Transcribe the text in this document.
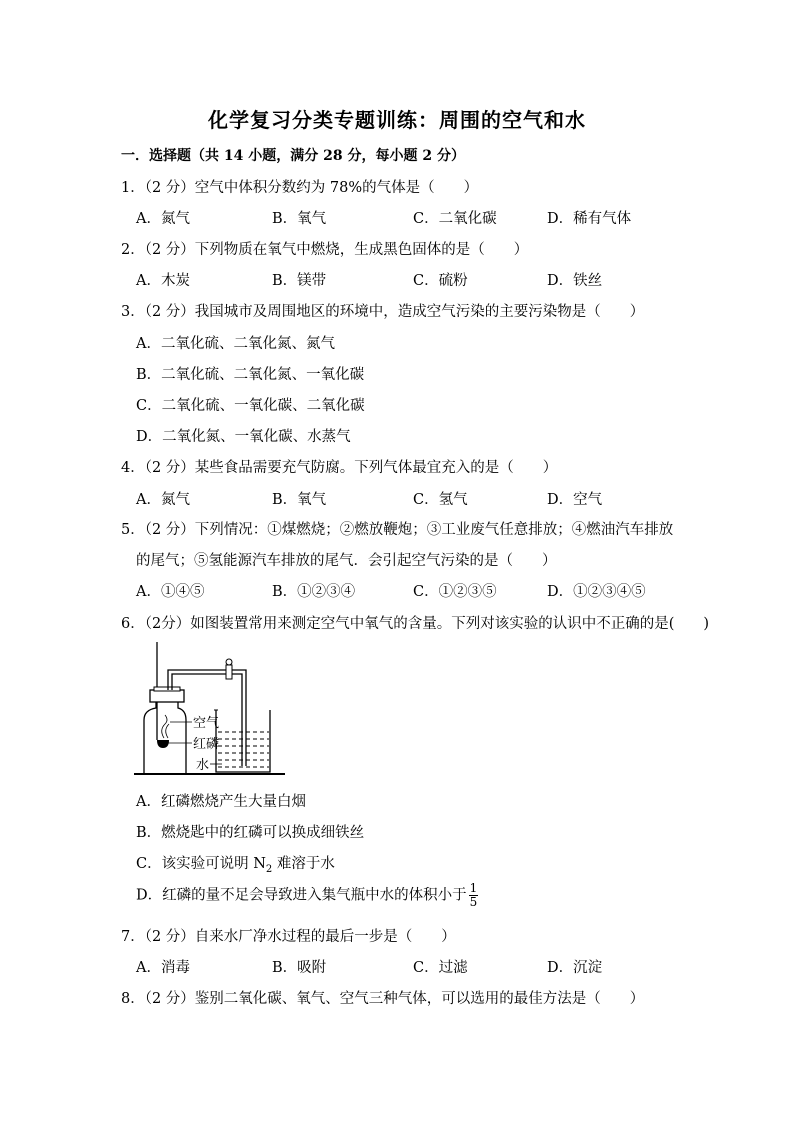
化学复习分类专题训练：周围的空气和水
一．选择题（共 14 小题，满分 28 分，每小题 2 分）
1．（2 分）空气中体积分数约为 78%的气体是（　　）
A．氮气	B．氧气	C．二氧化碳	D．稀有气体
2．（2 分）下列物质在氧气中燃烧，生成黑色固体的是（　　）
A．木炭	B．镁带	C．硫粉	D．铁丝
3．（2 分）我国城市及周围地区的环境中，造成空气污染的主要污染物是（　　）
A．二氧化硫、二氧化氮、氮气
B．二氧化硫、二氧化氮、一氧化碳
C．二氧化硫、一氧化碳、二氧化碳
D．二氧化氮、一氧化碳、水蒸气
4．（2 分）某些食品需要充气防腐。下列气体最宜充入的是（　　）
A．氮气	B．氧气	C．氢气	D．空气
5．（2 分）下列情况：①煤燃烧；②燃放鞭炮；③工业废气任意排放；④燃油汽车排放
的尾气；⑤氢能源汽车排放的尾气．会引起空气污染的是（　　）
A．①④⑤	B．①②③④	C．①②③⑤	D．①②③④⑤
6．（2分）如图装置常用来测定空气中氧气的含量。下列对该实验的认识中不正确的是(　　)
空气
红磷
水
A．红磷燃烧产生大量白烟
B．燃烧匙中的红磷可以换成细铁丝
C．该实验可说明 $N_2$ 难溶于水
D．红磷的量不足会导致进入集气瓶中水的体积小于 $\frac{1}{5}$
7．（2 分）自来水厂净水过程的最后一步是（　　）
A．消毒	B．吸附	C．过滤	D．沉淀
8．（2 分）鉴别二氧化碳、氧气、空气三种气体，可以选用的最佳方法是（　　）
